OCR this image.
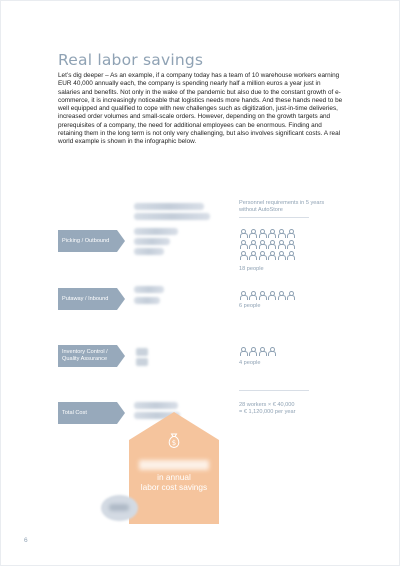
Real labor savings
Let’s dig deeper – As an example, if a company today has a team of 10 warehouse workers earning EUR 40,000 annually each, the company is spending nearly half a million euros a year just in salaries and benefits. Not only in the wake of the pandemic but also due to the constant growth of e-commerce, it is increasingly noticeable that logistics needs more hands. And these hands need to be well equipped and qualified to cope with new challenges such as digitization, just-in-time deliveries, increased order volumes and small-scale orders. However, depending on the growth targets and prerequisites of a company, the need for additional employees can be enormous. Finding and retaining them in the long term is not only very challenging, but also involves significant costs. A real world example is shown in the infographic below.
Picking / Outbound
Putaway / Inbound
Inventory Control / Quality Assurance
Total Cost
Personnel requirements in 5 years without AutoStore
18 people
6 people
4 people
28 workers × € 40,000
= € 1,120,000 per year
$
in annual
labor cost savings
6
